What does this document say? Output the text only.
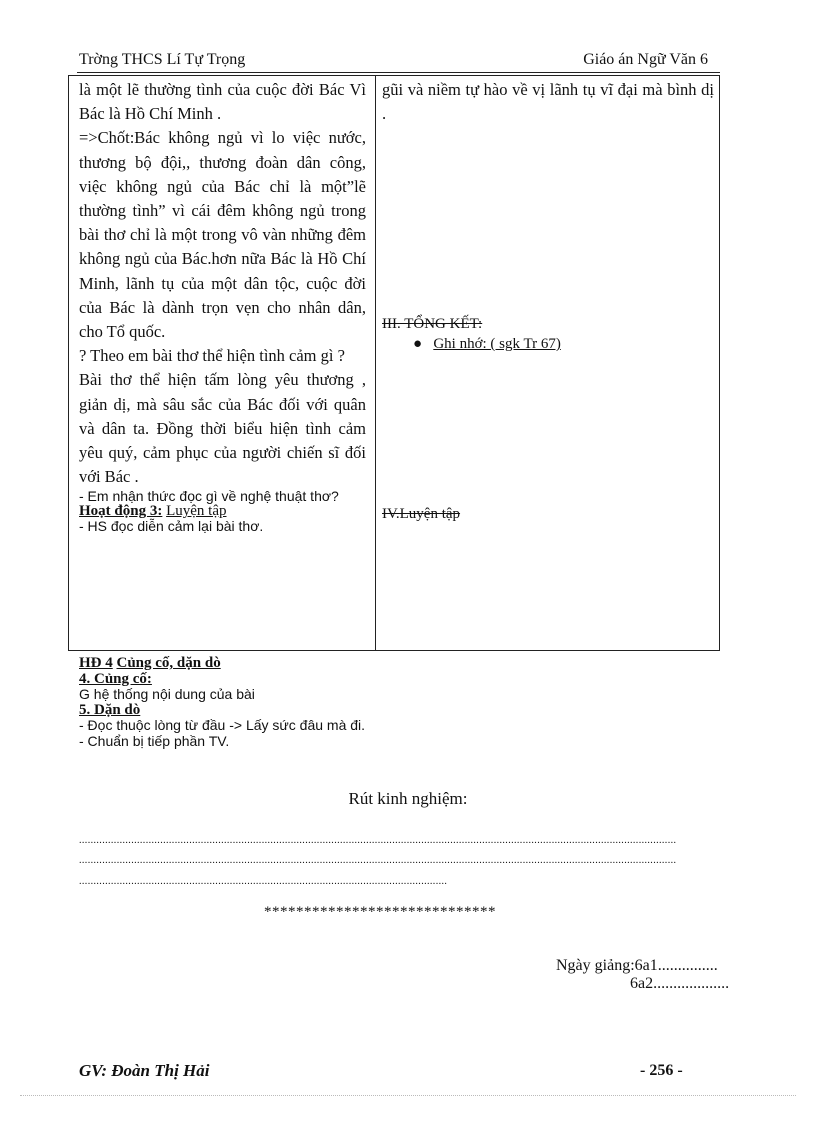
Trờng THCS Lí Tự Trọng	Giáo án Ngữ Văn 6

là một lẽ thường tình của cuộc đời Bác Vì Bác là Hồ Chí Minh .

=>Chốt:Bác không ngủ vì lo việc nước, thương bộ đội,, thương đoàn dân công, việc không ngủ của Bác chỉ là một”lẽ thường tình” vì cái đêm không ngủ trong bài thơ chỉ là một trong vô vàn những đêm không ngủ của Bác.hơn nữa Bác là Hồ Chí Minh, lãnh tụ của một dân tộc, cuộc đời của Bác là dành trọn vẹn cho nhân dân, cho Tổ quốc.

? Theo em bài thơ thể hiện tình cảm gì ?

Bài thơ thể hiện tấm lòng yêu thương , giản dị, mà sâu sắc của Bác đối với quân và dân ta. Đồng thời biểu hiện tình cảm yêu quý, cảm phục của người chiến sĩ đối với Bác .

- Em nhận thức đọc gì về nghệ thuật thơ?

Hoạt động 3: Luyện tập

- HS đọc diễn cảm lại bài thơ.

gũi và niềm tự hào về vị lãnh tụ vĩ đại mà bình dị .

III. TỔNG KẾT:
●   Ghi nhớ: ( sgk Tr 67)
IV.Luyện tập

HĐ 4 Củng cố, dặn dò

4. Củng cố:

G hệ thống nội dung của bài

5. Dặn dò

- Đọc thuộc lòng từ đầu -> Lấy sức đâu mà đi.

- Chuẩn bị tiếp phần TV.

Rút kinh nghiệm:
..............................................................................................................................................................................................................
..............................................................................................................................................................................................................
...............................................................................................................................
*****************************
Ngày giảng:6a1...............
6a2...................
GV: Đoàn Thị Hải	- 256 -
